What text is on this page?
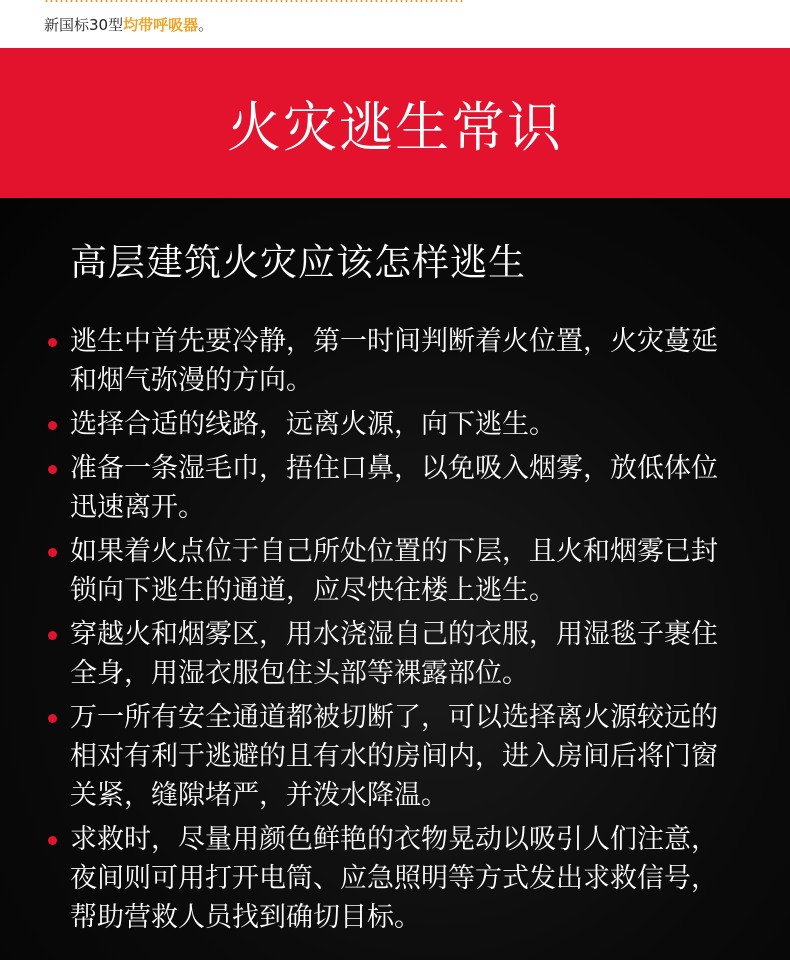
新国标30型均带呼吸器。
火灾逃生常识
高层建筑火灾应该怎样逃生
逃生中首先要冷静，第一时间判断着火位置，火灾蔓延和烟气弥漫的方向。
选择合适的线路，远离火源，向下逃生。
准备一条湿毛巾，捂住口鼻，以免吸入烟雾，放低体位迅速离开。
如果着火点位于自己所处位置的下层，且火和烟雾已封锁向下逃生的通道，应尽快往楼上逃生。
穿越火和烟雾区，用水浇湿自己的衣服，用湿毯子裹住全身，用湿衣服包住头部等裸露部位。
万一所有安全通道都被切断了，可以选择离火源较远的相对有利于逃避的且有水的房间内，进入房间后将门窗关紧，缝隙堵严，并泼水降温。
求救时，尽量用颜色鲜艳的衣物晃动以吸引人们注意，夜间则可用打开电筒、应急照明等方式发出求救信号，帮助营救人员找到确切目标。
